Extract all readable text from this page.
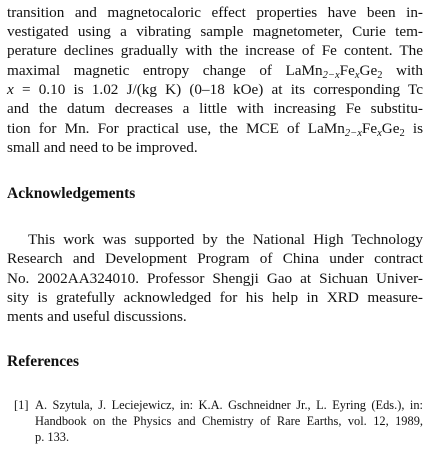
transition and magnetocaloric effect properties have been in-

vestigated using a vibrating sample magnetometer, Curie tem-

perature declines gradually with the increase of Fe content. The

maximal magnetic entropy change of $LaMn_{2-x}Fe_xGe_2$ with

x = 0.10 is 1.02 J/(kg K) (0–18 kOe) at its corresponding Tc

and the datum decreases a little with increasing Fe substitu-

tion for Mn. For practical use, the MCE of $LaMn_{2-x}Fe_xGe_2$ is

small and need to be improved.

Acknowledgements

This work was supported by the National High Technology

Research and Development Program of China under contract

No. 2002AA324010. Professor Shengji Gao at Sichuan Univer-

sity is gratefully acknowledged for his help in XRD measure-

ments and useful discussions.

References
[1] A. Szytula, J. Leciejewicz, in: K.A. Gschneidner Jr., L. Eyring (Eds.), in:

Handbook on the Physics and Chemistry of Rare Earths, vol. 12, 1989,

p. 133.
